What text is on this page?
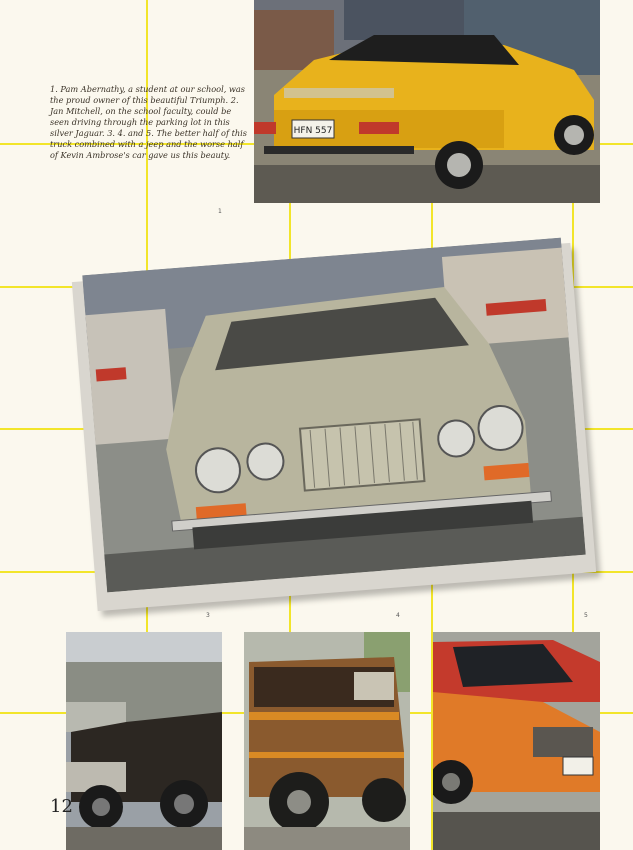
1. Pam Abernathy, a student at our school, was the proud owner of this beautiful Triumph. 2. Jan Mitchell, on the school faculty, could be seen driving through the parking lot in this silver Jaguar. 3. 4. and 5. The better half of this truck combined with a jeep and the worse half of Kevin Ambrose's car gave us this beauty.
HFN 557
1
2
3	4	5
12
